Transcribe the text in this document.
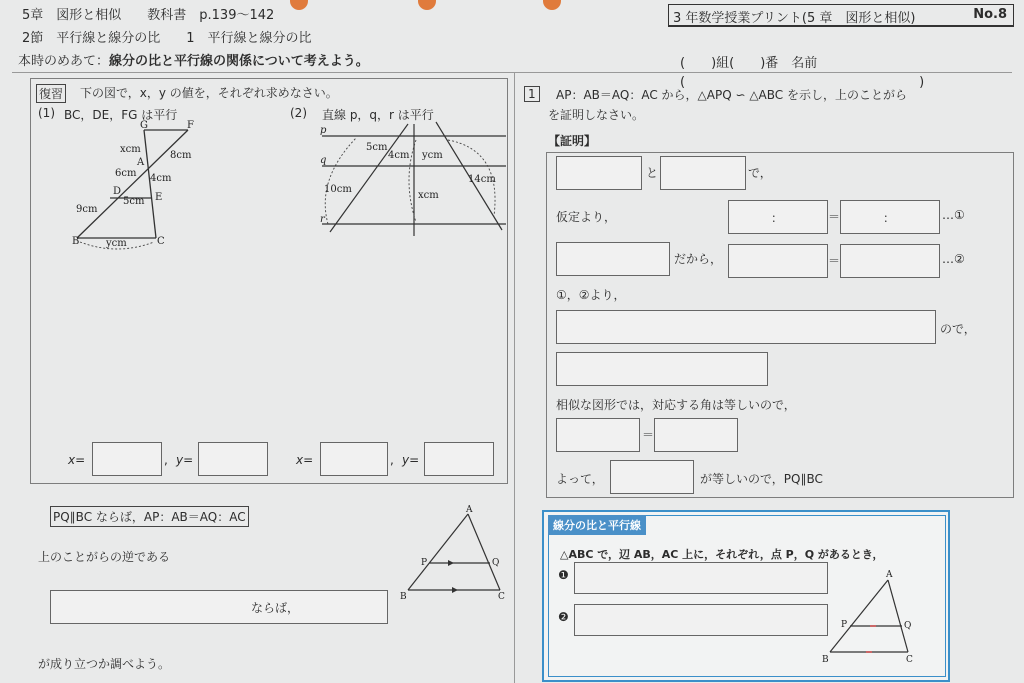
5章　図形と相似　　教科書　p.139～142
2節　平行線と線分の比　　1　平行線と線分の比
本時のめあて：線分の比と平行線の関係について考えよう。
3 年数学授業プリント(5 章　図形と相似)	No.8
(　　)組(　　)番　名前(　　　　　　　　　　　　　　　　　　)
復習 下の図で，x，y の値を，それぞれ求めなさい。
(1) BC，DE，FG は平行	(2) 直線 p，q，r は平行
G	F
A
D
E
B	C
xcm
8cm
6cm 4cm
9cm
5cm
ycm
p
q
r
5cm
4cm ycm
10cm
14cm
xcm
x=	, y=	x=	, y=
PQ∥BC ならば，AP：AB＝AQ：AC
上のことがらの逆である
ならば，
が成り立つか調べよう。
A
P	Q
B	C
1	AP：AB＝AQ：AC から，△APQ ∽ △ABC を示し，上のことがら
を証明しなさい。
【証明】
と	で，
仮定より，	：	＝	：	…①
だから，	＝	…②
①，②より，
ので，
相似な図形では，対応する角は等しいので，
＝
よって，	が等しいので，PQ∥BC
線分の比と平行線
△ABC で，辺 AB，AC 上に，それぞれ，点 P，Q があるとき，
❶
❷
A
P	Q
B	C
